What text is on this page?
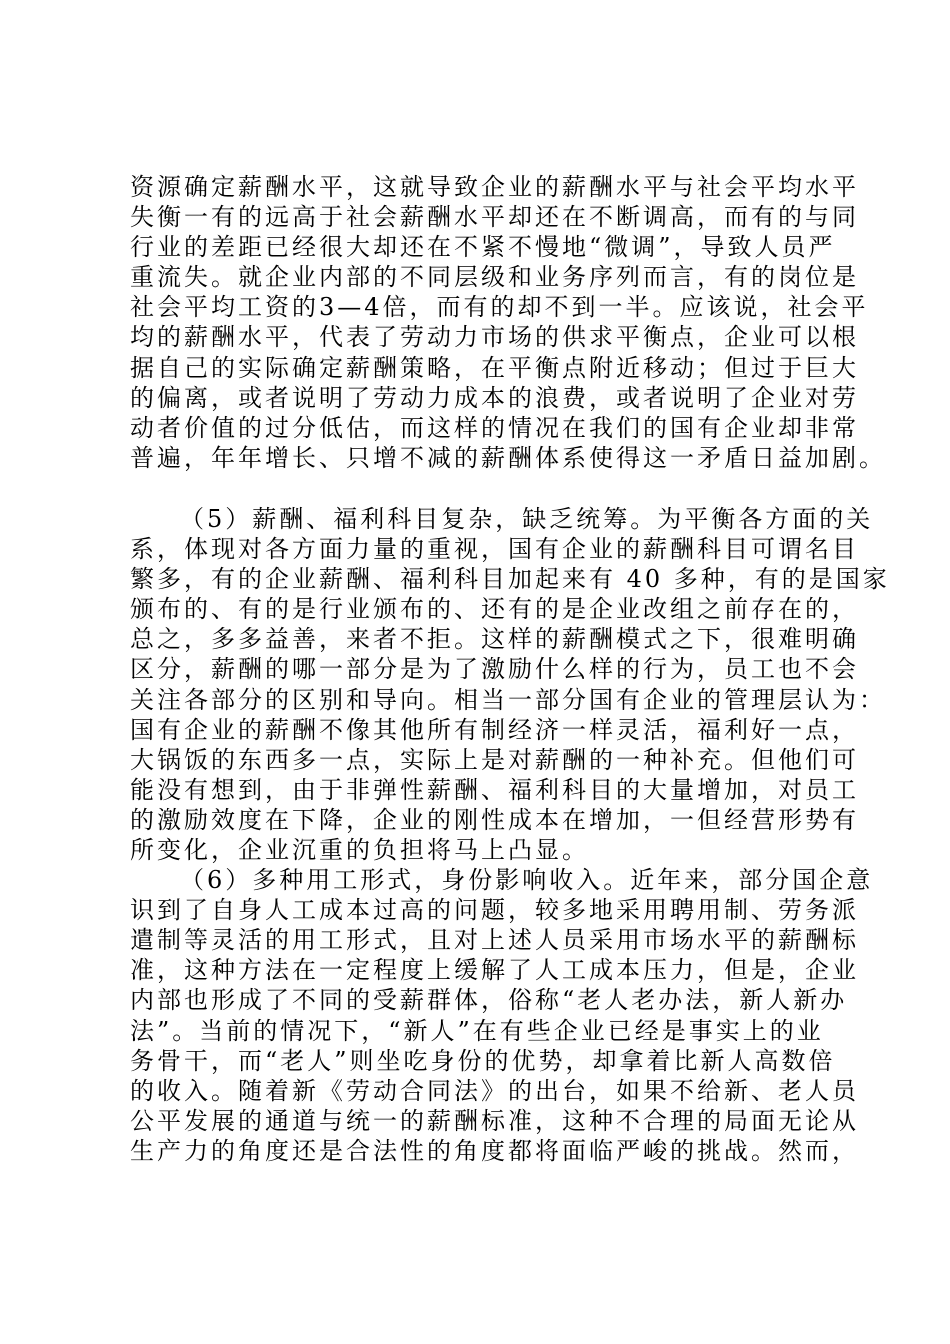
资源确定薪酬水平，这就导致企业的薪酬水平与社会平均水平
失衡一有的远高于社会薪酬水平却还在不断调高，而有的与同
行业的差距已经很大却还在不紧不慢地“微调”，导致人员严
重流失。就企业内部的不同层级和业务序列而言，有的岗位是
社会平均工资的3—4倍，而有的却不到一半。应该说，社会平
均的薪酬水平，代表了劳动力市场的供求平衡点，企业可以根
据自己的实际确定薪酬策略，在平衡点附近移动；但过于巨大
的偏离，或者说明了劳动力成本的浪费，或者说明了企业对劳
动者价值的过分低估，而这样的情况在我们的国有企业却非常
普遍，年年增长、只增不减的薪酬体系使得这一矛盾日益加剧。
（5）薪酬、福利科目复杂，缺乏统筹。为平衡各方面的关
系，体现对各方面力量的重视，国有企业的薪酬科目可谓名目
繁多，有的企业薪酬、福利科目加起来有 40 多种，有的是国家
颁布的、有的是行业颁布的、还有的是企业改组之前存在的，
总之，多多益善，来者不拒。这样的薪酬模式之下，很难明确
区分，薪酬的哪一部分是为了激励什么样的行为，员工也不会
关注各部分的区别和导向。相当一部分国有企业的管理层认为：
国有企业的薪酬不像其他所有制经济一样灵活，福利好一点，
大锅饭的东西多一点，实际上是对薪酬的一种补充。但他们可
能没有想到，由于非弹性薪酬、福利科目的大量增加，对员工
的激励效度在下降，企业的刚性成本在增加，一但经营形势有
所变化，企业沉重的负担将马上凸显。
（6）多种用工形式，身份影响收入。近年来，部分国企意
识到了自身人工成本过高的问题，较多地采用聘用制、劳务派
遣制等灵活的用工形式，且对上述人员采用市场水平的薪酬标
准，这种方法在一定程度上缓解了人工成本压力，但是，企业
内部也形成了不同的受薪群体，俗称“老人老办法，新人新办
法”。当前的情况下，“新人”在有些企业已经是事实上的业
务骨干，而“老人”则坐吃身份的优势，却拿着比新人高数倍
的收入。随着新《劳动合同法》的出台，如果不给新、老人员
公平发展的通道与统一的薪酬标准，这种不合理的局面无论从
生产力的角度还是合法性的角度都将面临严峻的挑战。然而，
